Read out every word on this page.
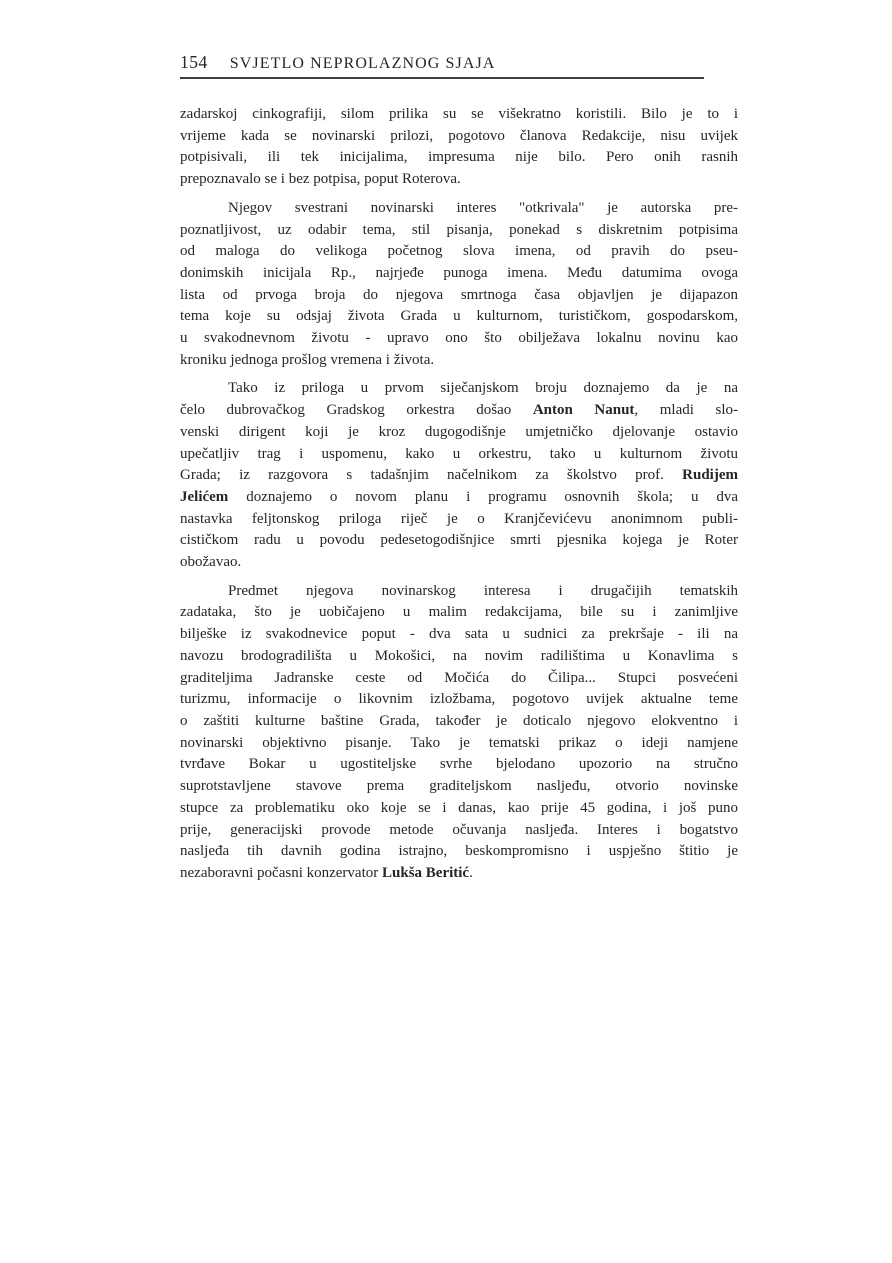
154 SVJETLO NEPROLAZNOG SJAJA
zadarskoj cinkografiji, silom prilika su se višekratno koristili. Bilo je to i
vrijeme kada se novinarski prilozi, pogotovo članova Redakcije, nisu uvijek
potpisivali, ili tek inicijalima, impresuma nije bilo. Pero onih rasnih
prepoznavalo se i bez potpisa, poput Roterova.
Njegov svestrani novinarski interes "otkrivala" je autorska pre-
poznatljivost, uz odabir tema, stil pisanja, ponekad s diskretnim potpisima
od maloga do velikoga početnog slova imena, od pravih do pseu-
donimskih inicijala Rp., najrjeđe punoga imena. Među datumima ovoga
lista od prvoga broja do njegova smrtnoga časa objavljen je dijapazon
tema koje su odsjaj života Grada u kulturnom, turističkom, gospodarskom,
u svakodnevnom životu - upravo ono što obilježava lokalnu novinu kao
kroniku jednoga prošlog vremena i života.
Tako iz priloga u prvom siječanjskom broju doznajemo da je na
čelo dubrovačkog Gradskog orkestra došao Anton Nanut, mladi slo-
venski dirigent koji je kroz dugogodišnje umjetničko djelovanje ostavio
upečatljiv trag i uspomenu, kako u orkestru, tako u kulturnom životu
Grada; iz razgovora s tadašnjim načelnikom za školstvo prof. Rudijem
Jelićem doznajemo o novom planu i programu osnovnih škola; u dva
nastavka feljtonskog priloga riječ je o Kranjčevićevu anonimnom publi-
cističkom radu u povodu pedesetogodišnjice smrti pjesnika kojega je Roter
obožavao.
Predmet njegova novinarskog interesa i drugačijih tematskih
zadataka, što je uobičajeno u malim redakcijama, bile su i zanimljive
bilješke iz svakodnevice poput - dva sata u sudnici za prekršaje - ili na
navozu brodogradilišta u Mokošici, na novim radilištima u Konavlima s
graditeljima Jadranske ceste od Močića do Čilipa... Stupci posvećeni
turizmu, informacije o likovnim izložbama, pogotovo uvijek aktualne teme
o zaštiti kulturne baštine Grada, također je doticalo njegovo elokventno i
novinarski objektivno pisanje. Tako je tematski prikaz o ideji namjene
tvrđave Bokar u ugostiteljske svrhe bjelodano upozorio na stručno
suprotstavljene stavove prema graditeljskom nasljeđu, otvorio novinske
stupce za problematiku oko koje se i danas, kao prije 45 godina, i još puno
prije, generacijski provode metode očuvanja nasljeđa. Interes i bogatstvo
nasljeđa tih davnih godina istrajno, beskompromisno i uspješno štitio je
nezaboravni počasni konzervator Lukša Beritić.
